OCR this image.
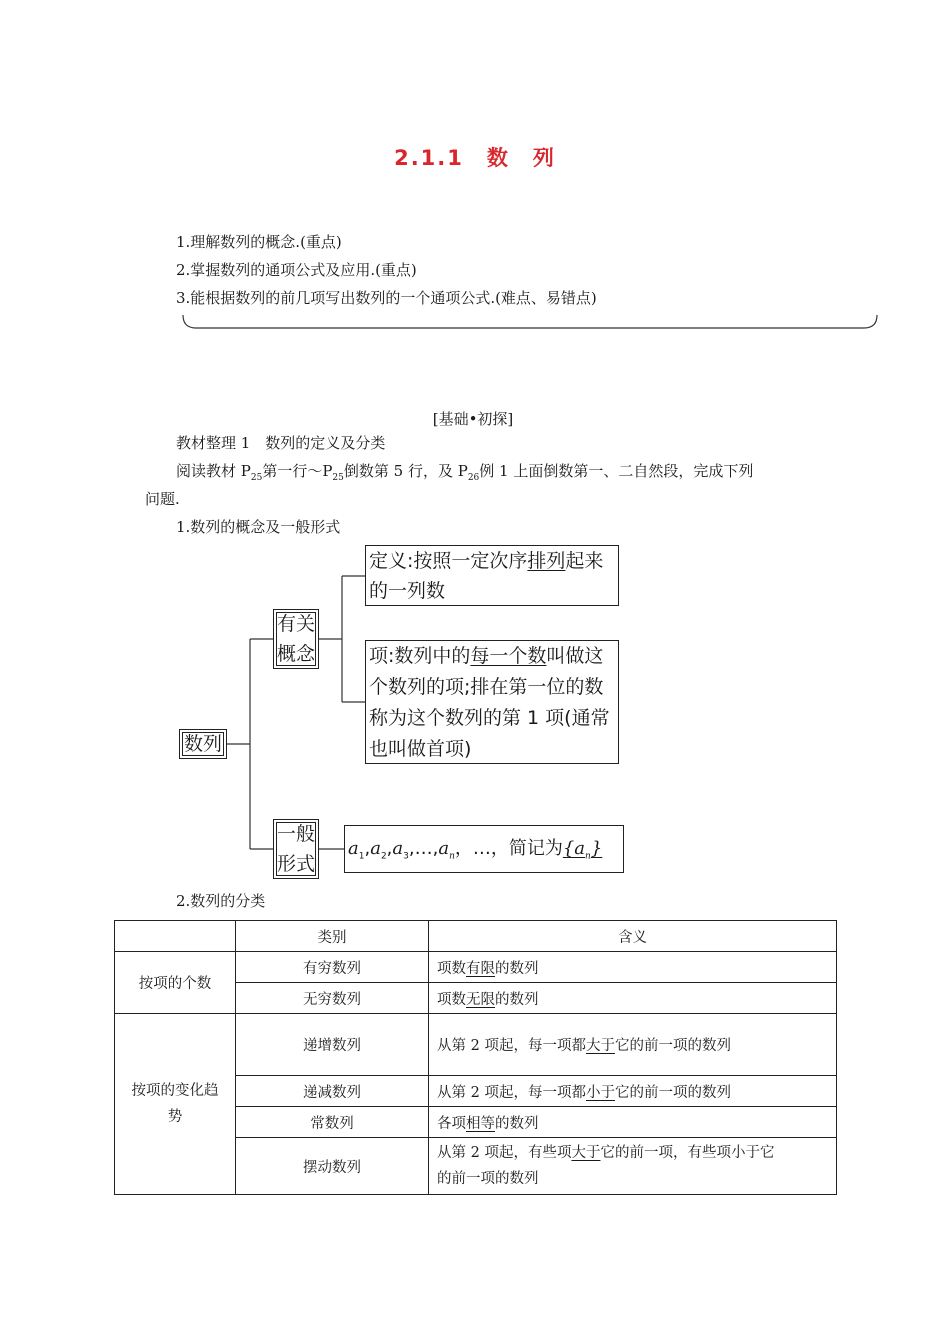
2.1.1　数　列
1.理解数列的概念.(重点)
2.掌握数列的通项公式及应用.(重点)
3.能根据数列的前几项写出数列的一个通项公式.(难点、易错点)
[基础•初探]
教材整理 1　数列的定义及分类
阅读教材 $P_{25}$第一行$\sim P_{25}$倒数第 5 行，及 $P_{26}$例 1 上面倒数第一、二自然段，完成下列
问题.
1.数列的概念及一般形式
数列
有关
概念
定义:按照一定次序排列起来
的一列数
项:数列中的每一个数叫做这
个数列的项;排在第一位的数
称为这个数列的第 1 项(通常
也叫做首项)
一般
形式
$a_1,a_2,a_3,\dots,a_n$，…，简记为$\{a_n\}$
2.数列的分类
	类别	含义
按项的个数	有穷数列	项数有限的数列
	无穷数列	项数无限的数列
按项的变化趋势	递增数列	从第 2 项起，每一项都大于它的前一项的数列
	递减数列	从第 2 项起，每一项都小于它的前一项的数列
	常数列	各项相等的数列
	摆动数列	从第 2 项起，有些项大于它的前一项，有些项小于它
的前一项的数列
